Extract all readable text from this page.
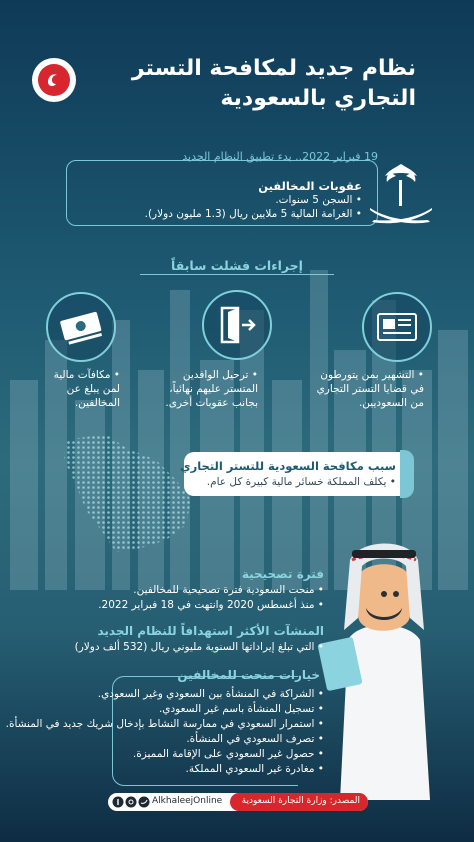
نظام جديد لمكافحة التستر
التجاري بالسعودية
19 فبراير 2022.. بدء تطبيق النظام الجديد
عقوبات المخالفين
• السجن 5 سنوات.
• الغرامة المالية 5 ملايين ريال (1.3 مليون دولار).
إجراءات فشلت سابقاً
• التشهير بمن يتورطون
في قضايا التستر التجاري
من السعوديين.
• ترحيل الوافدين
المتستر عليهم نهائياً،
بجانب عقوبات أخرى.
• مكافآت مالية
لمن يبلغ عن
المخالفين.
سبب مكافحة السعودية للتستر التجاري
• يكلف المملكة خسائر مالية كبيرة كل عام.
فترة تصحيحية
• منحت السعودية فترة تصحيحية للمخالفين.
• منذ أغسطس 2020 وانتهت في 18 فبراير 2022.
المنشآت الأكثر استهدافاً للنظام الجديد
• التي تبلغ إيراداتها السنوية مليوني ريال (532 ألف دولار)
خيارات منحت للمخالفين
• الشراكة في المنشأة بين السعودي وغير السعودي.
• تسجيل المنشأة باسم غير السعودي.
• استمرار السعودي في ممارسة النشاط بإدخال شريك جديد في المنشأة.
• تصرف السعودي في المنشأة.
• حصول غير السعودي على الإقامة المميزة.
• مغادرة غير السعودي المملكة.
المصدر: وزارة التجارة السعودية
AlkhaleejOnline
